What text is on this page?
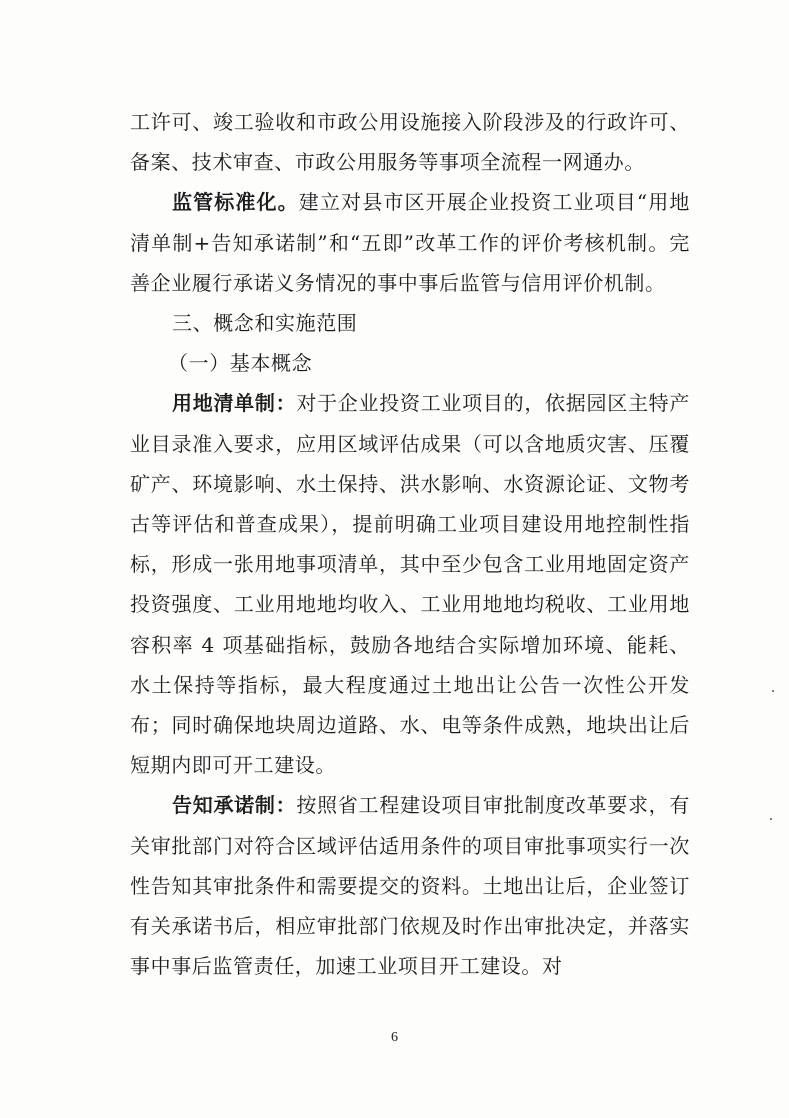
工许可、竣工验收和市政公用设施接入阶段涉及的行政许可、备案、技术审查、市政公用服务等事项全流程一网通办。

监管标准化。建立对县市区开展企业投资工业项目“用地清单制+告知承诺制”和“五即”改革工作的评价考核机制。完善企业履行承诺义务情况的事中事后监管与信用评价机制。

三、概念和实施范围

（一）基本概念

用地清单制：对于企业投资工业项目的，依据园区主特产业目录准入要求，应用区域评估成果（可以含地质灾害、压覆矿产、环境影响、水土保持、洪水影响、水资源论证、文物考古等评估和普查成果），提前明确工业项目建设用地控制性指标，形成一张用地事项清单，其中至少包含工业用地固定资产投资强度、工业用地地均收入、工业用地地均税收、工业用地容积率 4 项基础指标，鼓励各地结合实际增加环境、能耗、水土保持等指标，最大程度通过土地出让公告一次性公开发布；同时确保地块周边道路、水、电等条件成熟，地块出让后短期内即可开工建设。

告知承诺制：按照省工程建设项目审批制度改革要求，有关审批部门对符合区域评估适用条件的项目审批事项实行一次性告知其审批条件和需要提交的资料。土地出让后，企业签订有关承诺书后，相应审批部门依规及时作出审批决定，并落实事中事后监管责任，加速工业项目开工建设。对

6
